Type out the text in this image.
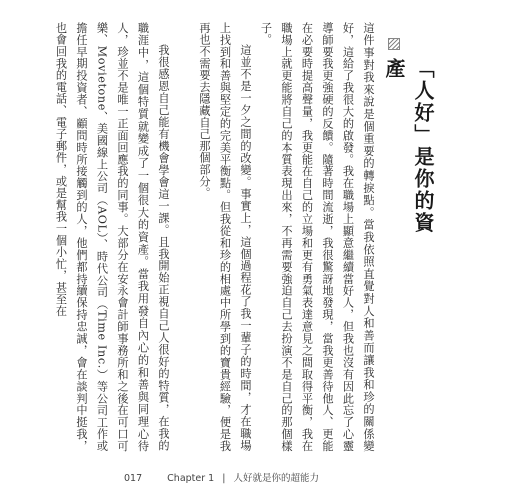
「人好」是你的資產

這件事對我來說是個重要的轉捩點。當我依照直覺對人和善而讓我和珍的關係變好，這給了我很大的啟發。我在職場上顯意繼續當好人，但我也沒有因此忘了心靈導師要我更強硬的反饋。隨著時間流逝，我很驚訝地發現，當我更善待他人、更能在必要時提高聲量，我更能在自己的立場和更有勇氣表達意見之間取得平衡，我在職場上就更能將自己的本質表現出來，不再需要強迫自己去扮演不是自己的那個樣子。

這並不是一夕之間的改變。事實上，這個過程花了我一輩子的時間，才在職場上找到和善與堅定的完美平衡點。但我從和珍的相處中所學到的寶貴經驗，便是我再也不需要去隱藏自己那個部分。

我很感恩自己能有機會學會這一課。且我開始正視自己人很好的特質，在我的職涯中，這個特質就變成了一個很大的資產。當我用發自內心的和善與同理心待人，珍並不是唯一正面回應我的同事。大部分在安永會計師事務所和之後在可口可樂、Movietone、美國線上公司（AOL）、時代公司（Time Inc.）等公司工作或擔任早期投資者、顧問時所接觸到的人，他們都持續保持忠誠，會在談判中挺我，也會回我的電話、電子郵件，或是幫我一個小忙，甚至在

017	Chapter 1 | 人好就是你的超能力
